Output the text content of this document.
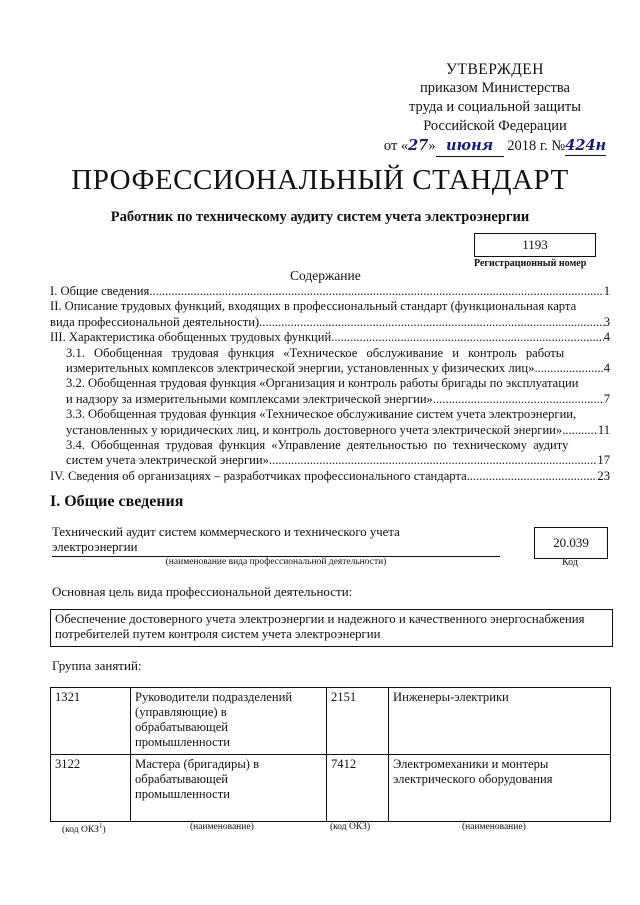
УТВЕРЖДЕН
приказом Министерства
труда и социальной защиты
Российской Федерации
от «27» июня 2018 г. №424н
ПРОФЕССИОНАЛЬНЫЙ СТАНДАРТ
Работник по техническому аудиту систем учета электроэнергии
1193
Регистрационный номер
Содержание
I. Общие сведения .....	1
II. Описание трудовых функций, входящих в профессиональный стандарт (функциональная карта
вида профессиональной деятельности) .....	3
III. Характеристика обобщенных трудовых функций .....	4
3.1. Обобщенная трудовая функция «Техническое обслуживание и контроль работы
измерительных комплексов электрической энергии, установленных у физических лиц» .....	4
3.2. Обобщенная трудовая функция «Организация и контроль работы бригады по эксплуатации
и надзору за измерительными комплексами электрической энергии» .....	7
3.3. Обобщенная трудовая функция «Техническое обслуживание систем учета электроэнергии,
установленных у юридических лиц, и контроль достоверного учета электрической энергии» .....	11
3.4. Обобщенная трудовая функция «Управление деятельностью по техническому аудиту
систем учета электрической энергии» .....	17
IV. Сведения об организациях – разработчиках профессионального стандарта .....	23
I. Общие сведения
Технический аудит систем коммерческого и технического учета
электроэнергии
(наименование вида профессиональной деятельности)
20.039
Код
Основная цель вида профессиональной деятельности:
Обеспечение достоверного учета электроэнергии и надежного и качественного энергоснабжения
потребителей путем контроля систем учета электроэнергии
Группа занятий:
1321	Руководители подразделений (управляющие) в обрабатывающей промышленности	2151	Инженеры-электрики
3122	Мастера (бригадиры) в обрабатывающей промышленности	7412	Электромеханики и монтеры электрического оборудования
(код ОКЗ$^1$)	(наименование)	(код ОКЗ)	(наименование)
